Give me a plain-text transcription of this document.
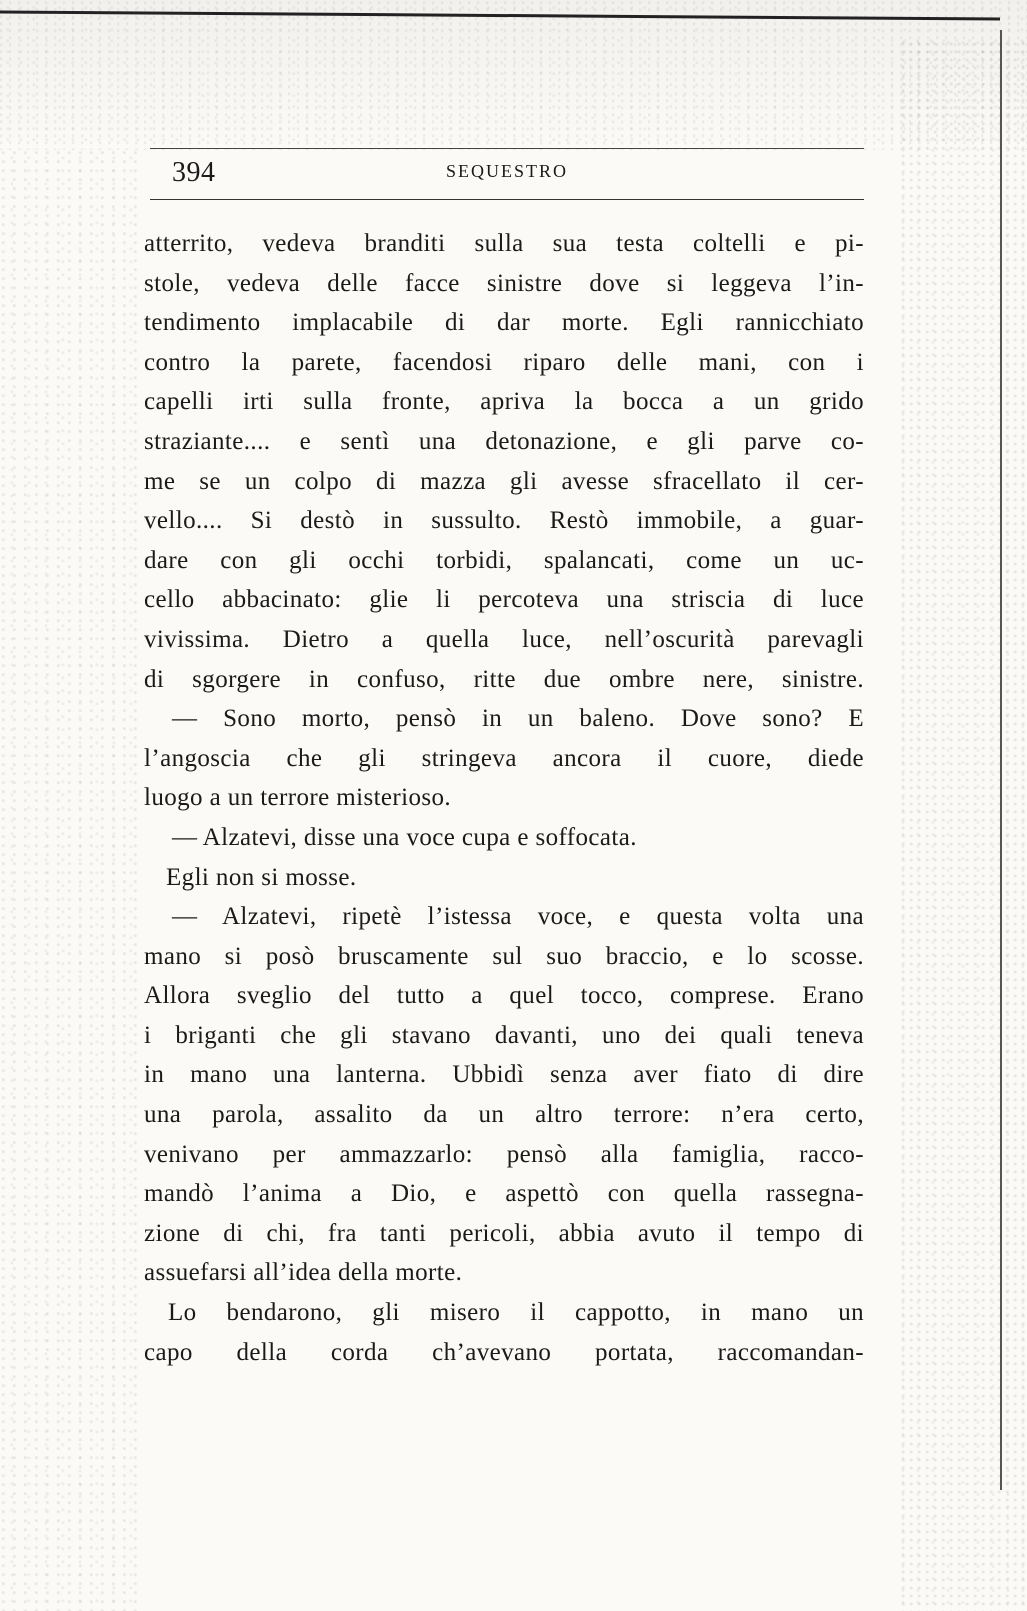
394	SEQUESTRO
atterrito, vedeva branditi sulla sua testa coltelli e pi-
stole, vedeva delle facce sinistre dove si leggeva l’in-
tendimento implacabile di dar morte. Egli rannicchiato
contro la parete, facendosi riparo delle mani, con i
capelli irti sulla fronte, apriva la bocca a un grido
straziante.... e sentì una detonazione, e gli parve co-
me se un colpo di mazza gli avesse sfracellato il cer-
vello.... Si destò in sussulto. Restò immobile, a guar-
dare con gli occhi torbidi, spalancati, come un uc-
cello abbacinato: glie li percoteva una striscia di luce
vivissima. Dietro a quella luce, nell’oscurità parevagli
di sgorgere in confuso, ritte due ombre nere, sinistre.
— Sono morto, pensò in un baleno. Dove sono? E
l’angoscia che gli stringeva ancora il cuore, diede
luogo a un terrore misterioso.
— Alzatevi, disse una voce cupa e soffocata.
Egli non si mosse.
— Alzatevi, ripetè l’istessa voce, e questa volta una
mano si posò bruscamente sul suo braccio, e lo scosse.
Allora sveglio del tutto a quel tocco, comprese. Erano
i briganti che gli stavano davanti, uno dei quali teneva
in mano una lanterna. Ubbidì senza aver fiato di dire
una parola, assalito da un altro terrore: n’era certo,
venivano per ammazzarlo: pensò alla famiglia, racco-
mandò l’anima a Dio, e aspettò con quella rassegna-
zione di chi, fra tanti pericoli, abbia avuto il tempo di
assuefarsi all’idea della morte.
Lo bendarono, gli misero il cappotto, in mano un
capo della corda ch’avevano portata, raccomandan-
